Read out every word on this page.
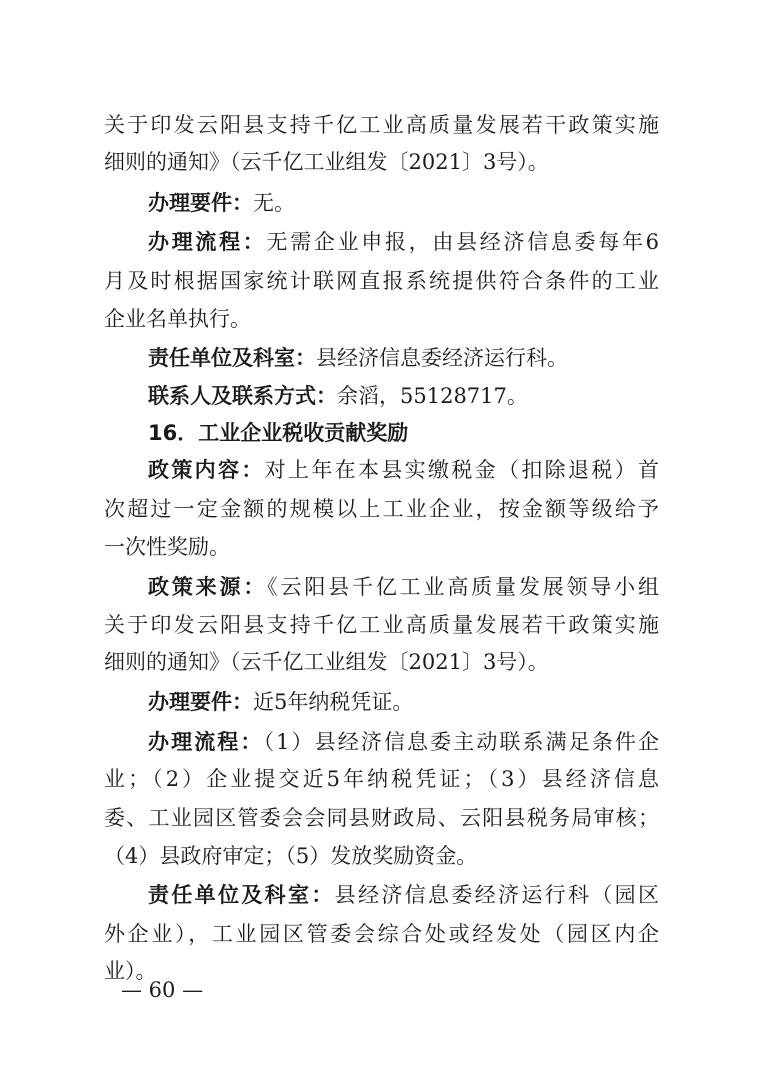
关于印发云阳县支持千亿工业高质量发展若干政策实施
细则的通知》（云千亿工业组发〔2021〕3号）。
办理要件：无。
办理流程：无需企业申报，由县经济信息委每年6
月及时根据国家统计联网直报系统提供符合条件的工业
企业名单执行。
责任单位及科室：县经济信息委经济运行科。
联系人及联系方式：余滔，55128717。
16．工业企业税收贡献奖励
政策内容：对上年在本县实缴税金（扣除退税）首
次超过一定金额的规模以上工业企业，按金额等级给予
一次性奖励。
政策来源：《云阳县千亿工业高质量发展领导小组
关于印发云阳县支持千亿工业高质量发展若干政策实施
细则的通知》（云千亿工业组发〔2021〕3号）。
办理要件：近5年纳税凭证。
办理流程：（1）县经济信息委主动联系满足条件企
业；（2）企业提交近5年纳税凭证；（3）县经济信息
委、工业园区管委会会同县财政局、云阳县税务局审核；
（4）县政府审定；（5）发放奖励资金。
责任单位及科室：县经济信息委经济运行科（园区
外企业），工业园区管委会综合处或经发处（园区内企
业）。
— 60 —
